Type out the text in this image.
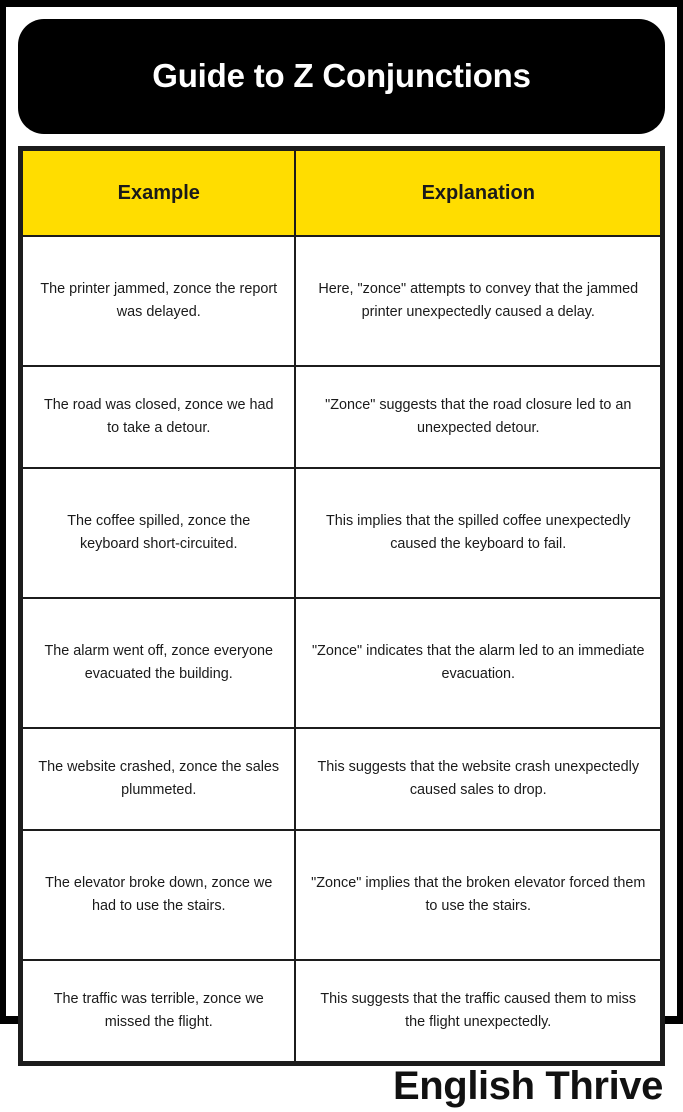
Guide to Z Conjunctions
Example	Explanation
The printer jammed, zonce the report was delayed.	Here, "zonce" attempts to convey that the jammed printer unexpectedly caused a delay.
The road was closed, zonce we had to take a detour.	"Zonce" suggests that the road closure led to an unexpected detour.
The coffee spilled, zonce the keyboard short-circuited.	This implies that the spilled coffee unexpectedly caused the keyboard to fail.
The alarm went off, zonce everyone evacuated the building.	"Zonce" indicates that the alarm led to an immediate evacuation.
The website crashed, zonce the sales plummeted.	This suggests that the website crash unexpectedly caused sales to drop.
The elevator broke down, zonce we had to use the stairs.	"Zonce" implies that the broken elevator forced them to use the stairs.
The traffic was terrible, zonce we missed the flight.	This suggests that the traffic caused them to miss the flight unexpectedly.
English Thrive
